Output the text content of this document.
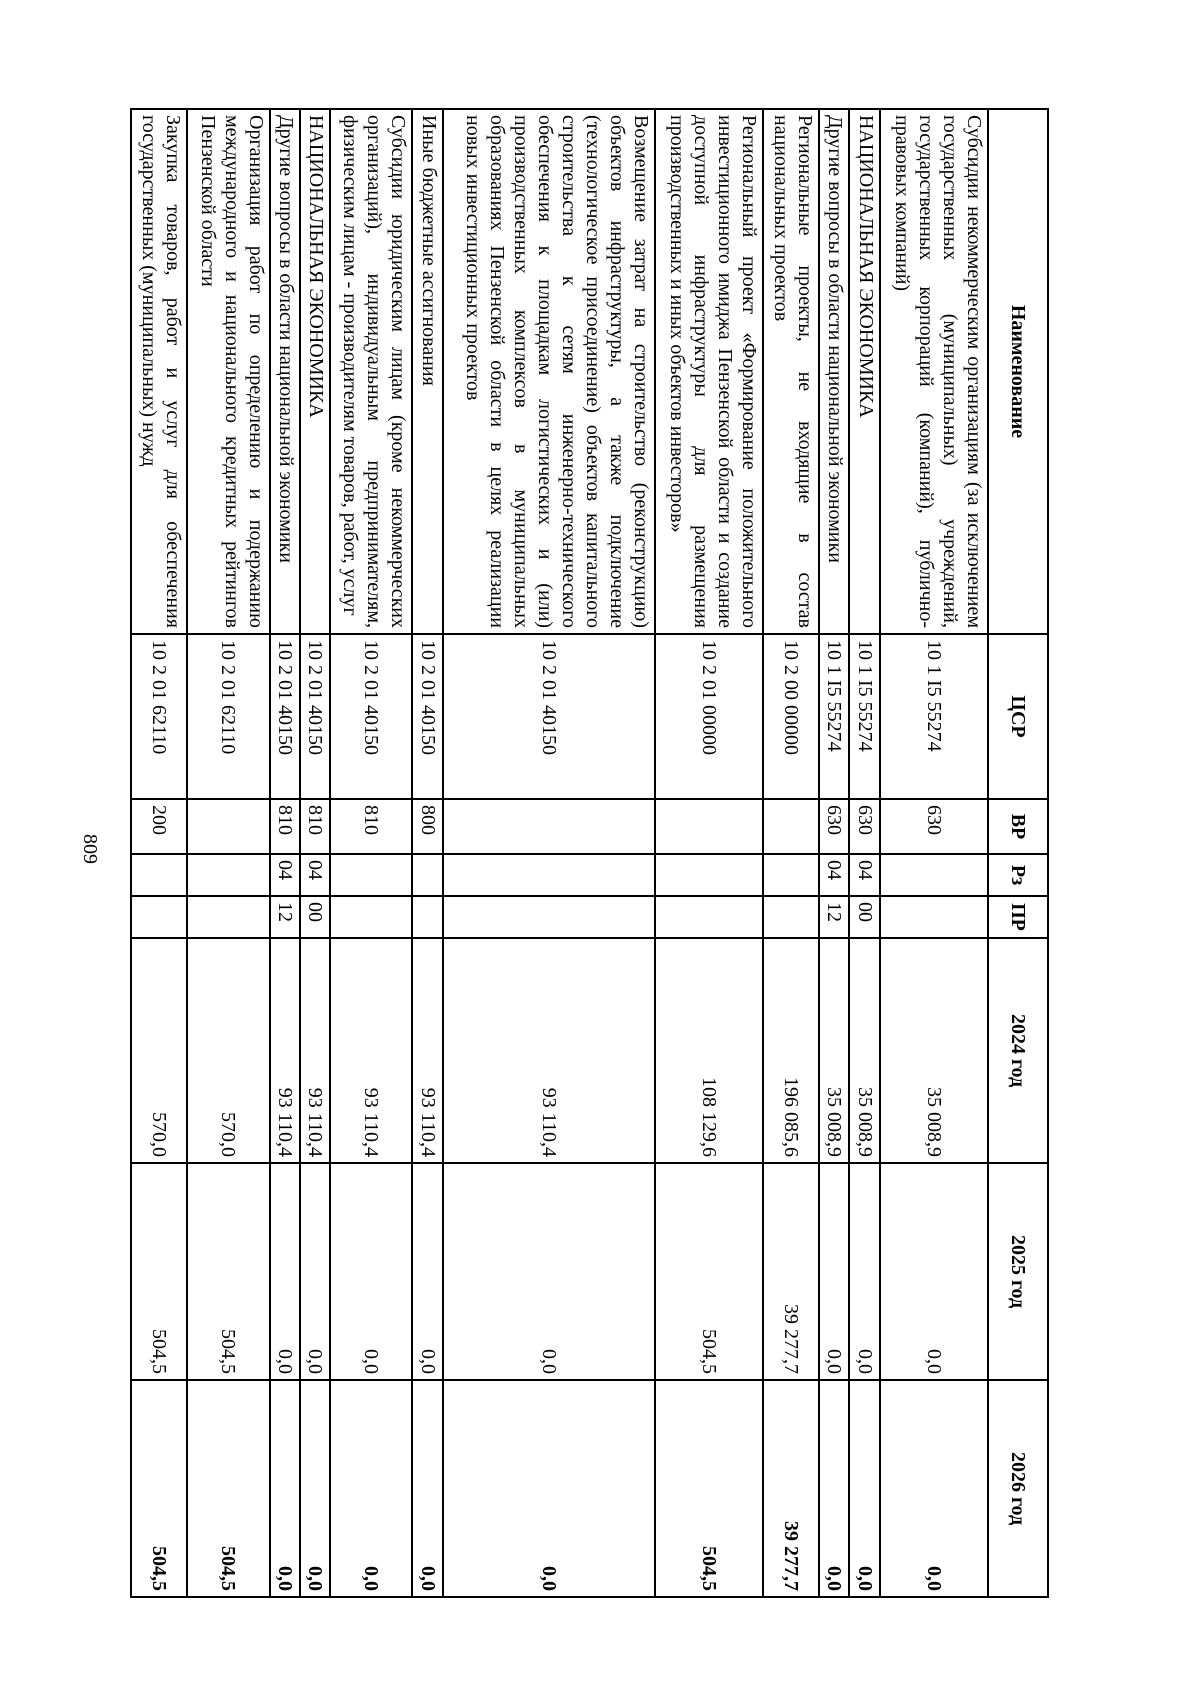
809
Наименование	ЦСР	ВР	Рз	ПР	2024 год	2025 год	2026 год
Субсидии некоммерческим организациям (за исключением государственных (муниципальных) учреждений, государственных корпораций (компаний), публично-правовых компаний)	10 1 I5 55274	630			35 008,9	0,0	0,0
НАЦИОНАЛЬНАЯ ЭКОНОМИКА	10 1 I5 55274	630	04	00	35 008,9	0,0	0,0
Другие вопросы в области национальной экономики	10 1 I5 55274	630	04	12	35 008,9	0,0	0,0
Региональные проекты, не входящие в состав национальных проектов	10 2 00 00000				196 085,6	39 277,7	39 277,7
Региональный проект «Формирование положительного инвестиционного имиджа Пензенской области и создание доступной инфраструктуры для размещения производственных и иных объектов инвесторов»	10 2 01 00000				108 129,6	504,5	504,5
Возмещение затрат на строительство (реконструкцию) объектов инфраструктуры, а также подключение (технологическое присоединение) объектов капитального строительства к сетям инженерно-технического обеспечения к площадкам логистических и (или) производственных комплексов в муниципальных образованиях Пензенской области в целях реализации новых инвестиционных проектов	10 2 01 40150				93 110,4	0,0	0,0
Иные бюджетные ассигнования	10 2 01 40150	800			93 110,4	0,0	0,0
Субсидии юридическим лицам (кроме некоммерческих организаций), индивидуальным предпринимателям, физическим лицам - производителям товаров, работ, услуг	10 2 01 40150	810			93 110,4	0,0	0,0
НАЦИОНАЛЬНАЯ ЭКОНОМИКА	10 2 01 40150	810	04	00	93 110,4	0,0	0,0
Другие вопросы в области национальной экономики	10 2 01 40150	810	04	12	93 110,4	0,0	0,0
Организация работ по определению и подержанию международного и национального кредитных рейтингов Пензенской области	10 2 01 62110				570,0	504,5	504,5
Закупка товаров, работ и услуг для обеспечения государственных (муниципальных) нужд	10 2 01 62110	200			570,0	504,5	504,5
